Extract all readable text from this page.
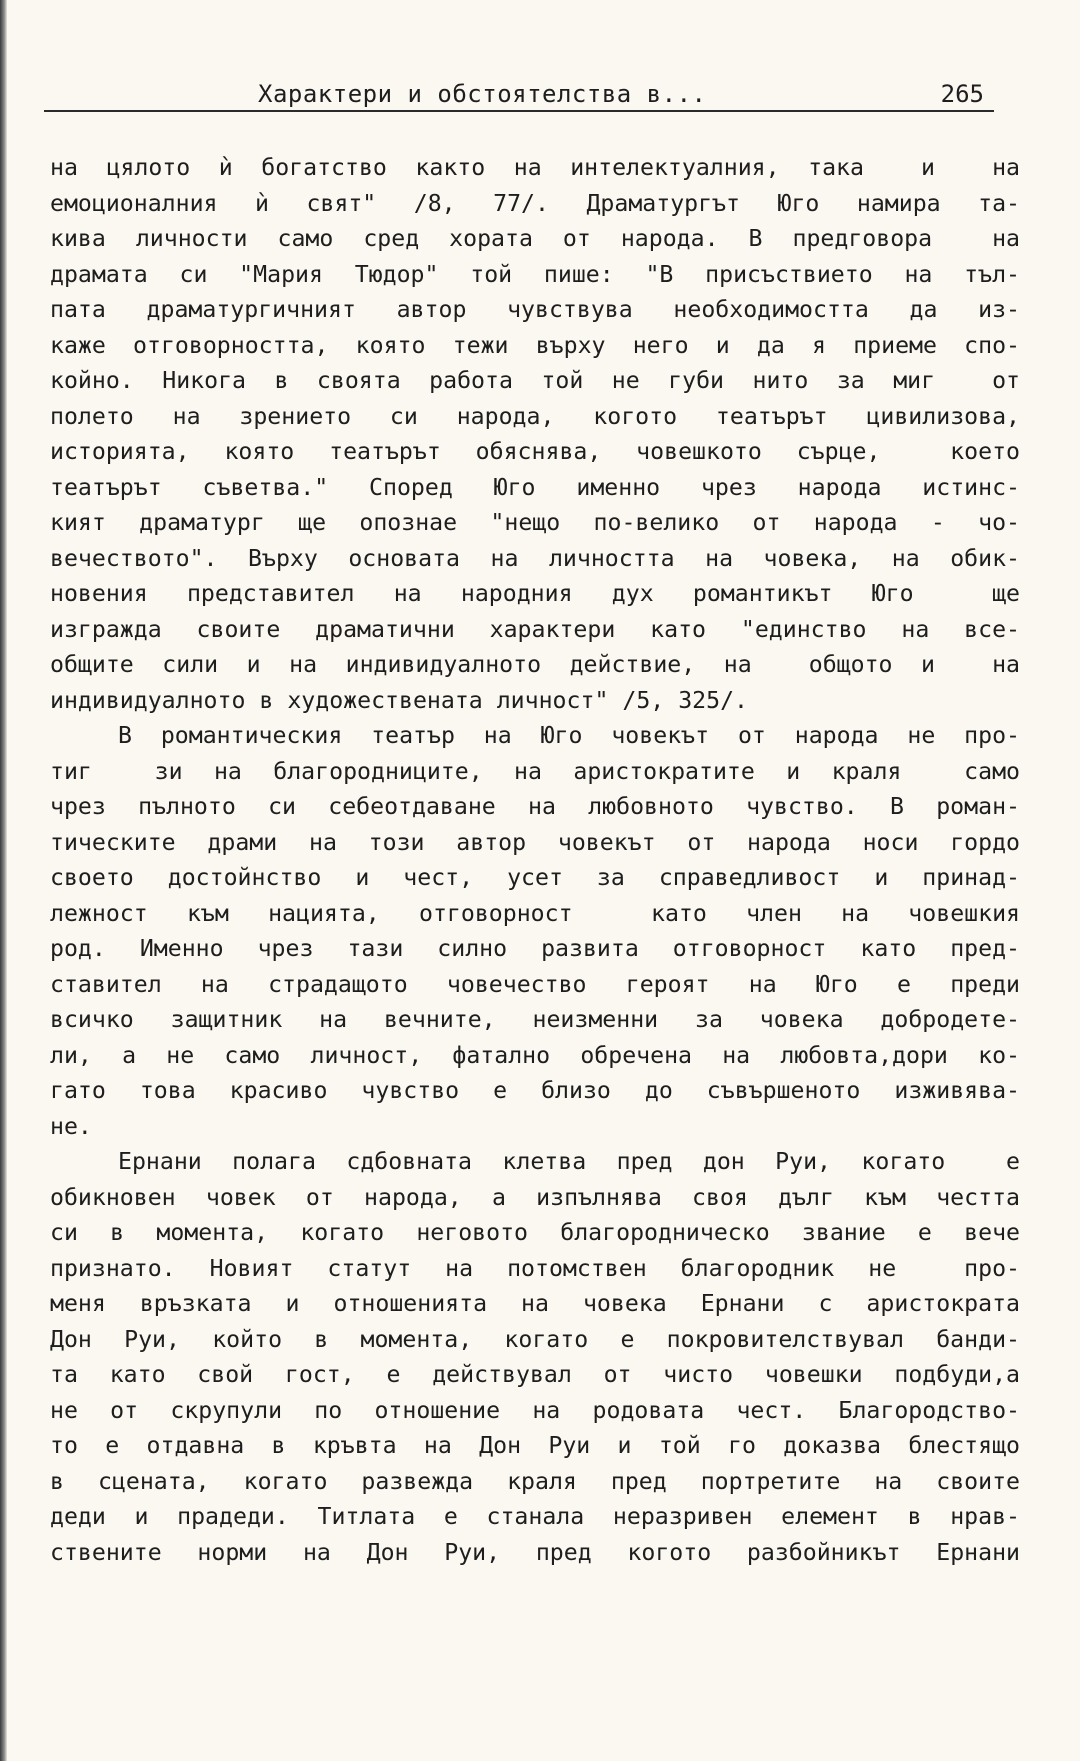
Характери и обстоятелства в...	265
на цялото ѝ богатство както на интелектуалния, така  и  на
емоционалния ѝ свят" /8, 77/. Драматургът Юго намира та-
кива личности само сред хората от народа. В предговора  на
драмата си "Мария Тюдор" той пише: "В присъствието на тъл-
пата драматургичният автор чувствува необходимостта да из-
каже отговорността, която тежи върху него и да я приеме спо-
койно. Никога в своята работа той не губи нито за миг  от
полето на зрението си народа, когото театърът цивилизова,
историята, която театърът обяснява, човешкото сърце,  което
театърът съветва." Според Юго именно чрез народа истинс-
кият драматург ще опознае "нещо по-велико от народа - чо-
вечеството". Върху основата на личността на човека, на обик-
новения представител на народния дух романтикът Юго  ще
изгражда своите драматични характери като "единство на все-
общите сили и на индивидуалното действие, на  общото и  на
индивидуалното в художествената личност" /5, 325/.
В романтическия театър на Юго човекът от народа не про-
тиг  зи на благородниците, на аристократите и краля  само
чрез пълното си себеотдаване на любовното чувство. В роман-
тическите драми на този автор човекът от народа носи гордо
своето достойнство и чест, усет за справедливост и принад-
лежност към нацията, отговорност  като член на човешкия
род. Именно чрез тази силно развита отговорност като пред-
ставител на страдащото човечество героят на Юго е преди
всичко защитник на вечните, неизменни за човека добродете-
ли, а не само личност, фатално обречена на любовта,дори ко-
гато това красиво чувство е близо до съвършеното изживява-
не.
Ернани полага сдбовната клетва пред дон Руи, когато  е
обикновен човек от народа, а изпълнява своя дълг към честта
си в момента, когато неговото благородническо звание е вече
признато. Новият статут на потомствен благородник не  про-
меня връзката и отношенията на човека Ернани с аристократа
Дон Руи, който в момента, когато е покровителствувал банди-
та като свой гост, е действувал от чисто човешки подбуди,а
не от скрупули по отношение на родовата чест. Благородство-
то е отдавна в кръвта на Дон Руи и той го доказва блестящо
в сцената, когато развежда краля пред портретите на своите
деди и прадеди. Титлата е станала неразривен елемент в нрав-
ствените норми на Дон Руи, пред когото разбойникът Ернани
